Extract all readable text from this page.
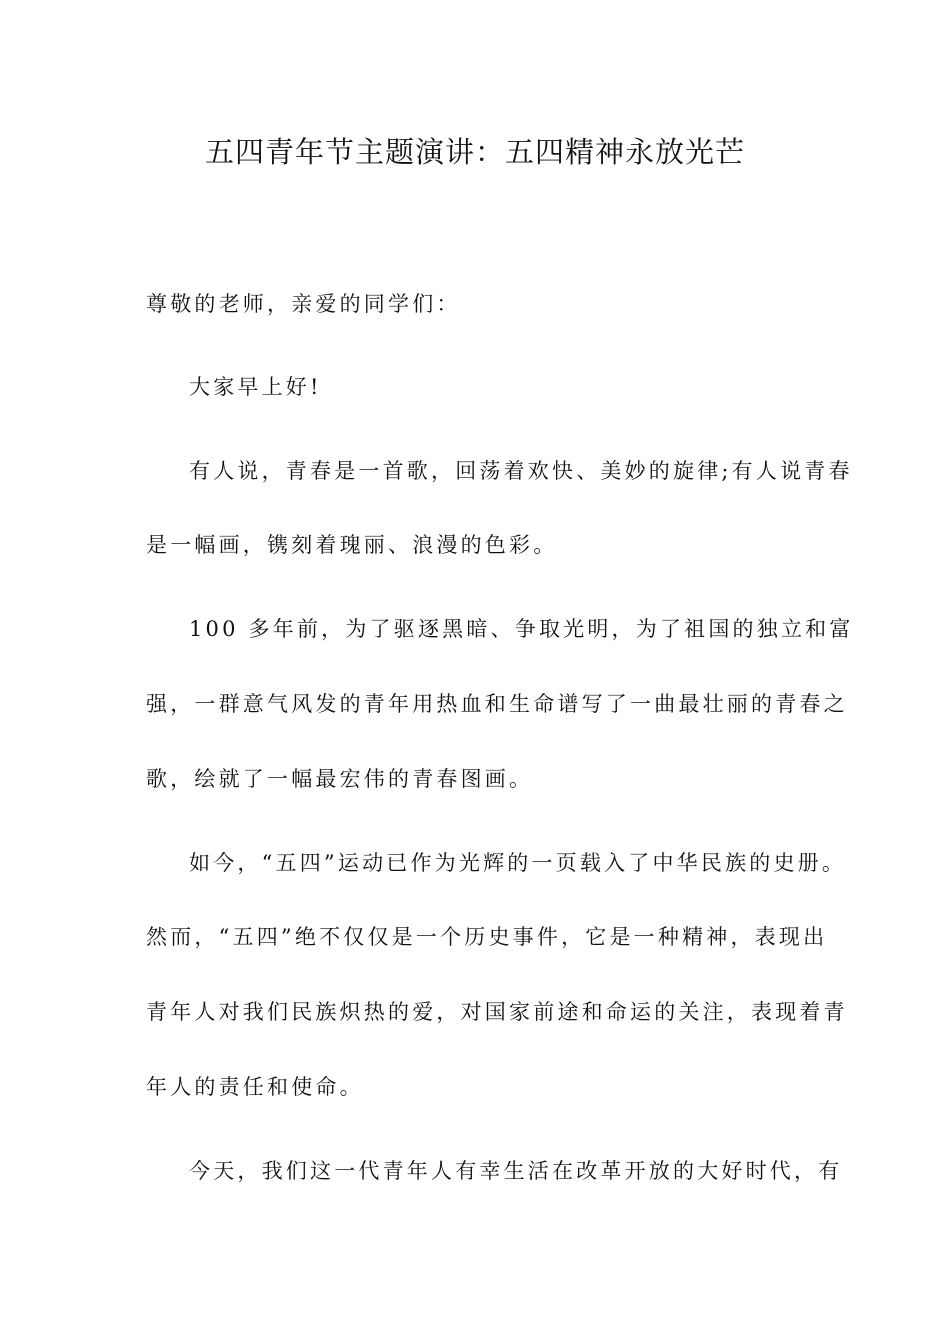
五四青年节主题演讲：五四精神永放光芒
尊敬的老师，亲爱的同学们：
大家早上好!
有人说，青春是一首歌，回荡着欢快、美妙的旋律;有人说青春
是一幅画，镌刻着瑰丽、浪漫的色彩。
100 多年前，为了驱逐黑暗、争取光明，为了祖国的独立和富
强，一群意气风发的青年用热血和生命谱写了一曲最壮丽的青春之
歌，绘就了一幅最宏伟的青春图画。
如今，“五四”运动已作为光辉的一页载入了中华民族的史册。
然而，“五四”绝不仅仅是一个历史事件，它是一种精神，表现出
青年人对我们民族炽热的爱，对国家前途和命运的关注，表现着青
年人的责任和使命。
今天，我们这一代青年人有幸生活在改革开放的大好时代，有
